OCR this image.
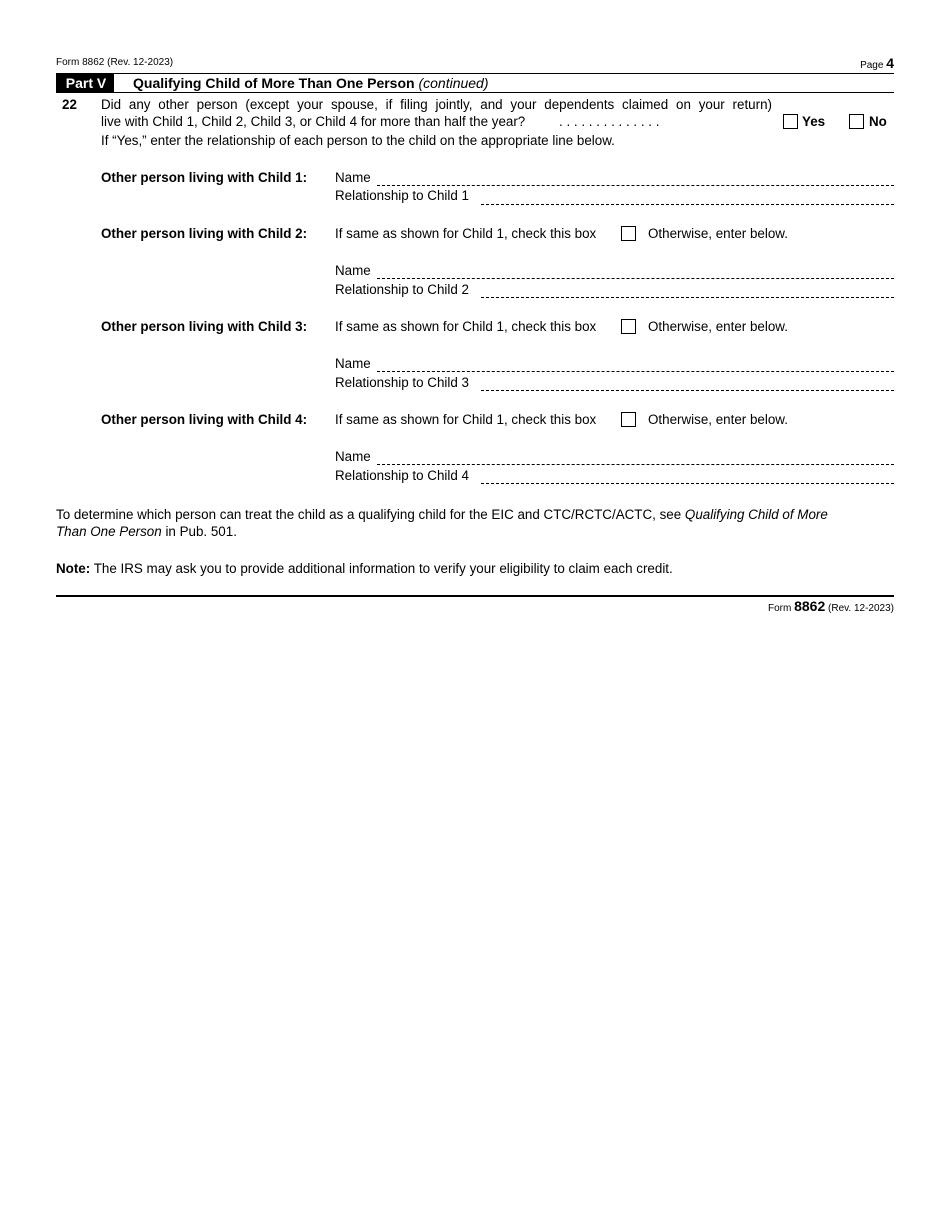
Form 8862 (Rev. 12-2023)	Page 4
Part V	Qualifying Child of More Than One Person (continued)
22 Did any other person (except your spouse, if filing jointly, and your dependents claimed on your return)
live with Child 1, Child 2, Child 3, or Child 4 for more than half the year?	. . . . . . . . . . . . . .	Yes	No
If “Yes,” enter the relationship of each person to the child on the appropriate line below.
Other person living with Child 1: Name
Relationship to Child 1
Other person living with Child 2: If same as shown for Child 1, check this box	Otherwise, enter below.
Name
Relationship to Child 2
Other person living with Child 3: If same as shown for Child 1, check this box	Otherwise, enter below.
Name
Relationship to Child 3
Other person living with Child 4: If same as shown for Child 1, check this box	Otherwise, enter below.
Name
Relationship to Child 4
To determine which person can treat the child as a qualifying child for the EIC and CTC/RCTC/ACTC, see Qualifying Child of More
Than One Person in Pub. 501.
Note: The IRS may ask you to provide additional information to verify your eligibility to claim each credit.
Form 8862 (Rev. 12-2023)
